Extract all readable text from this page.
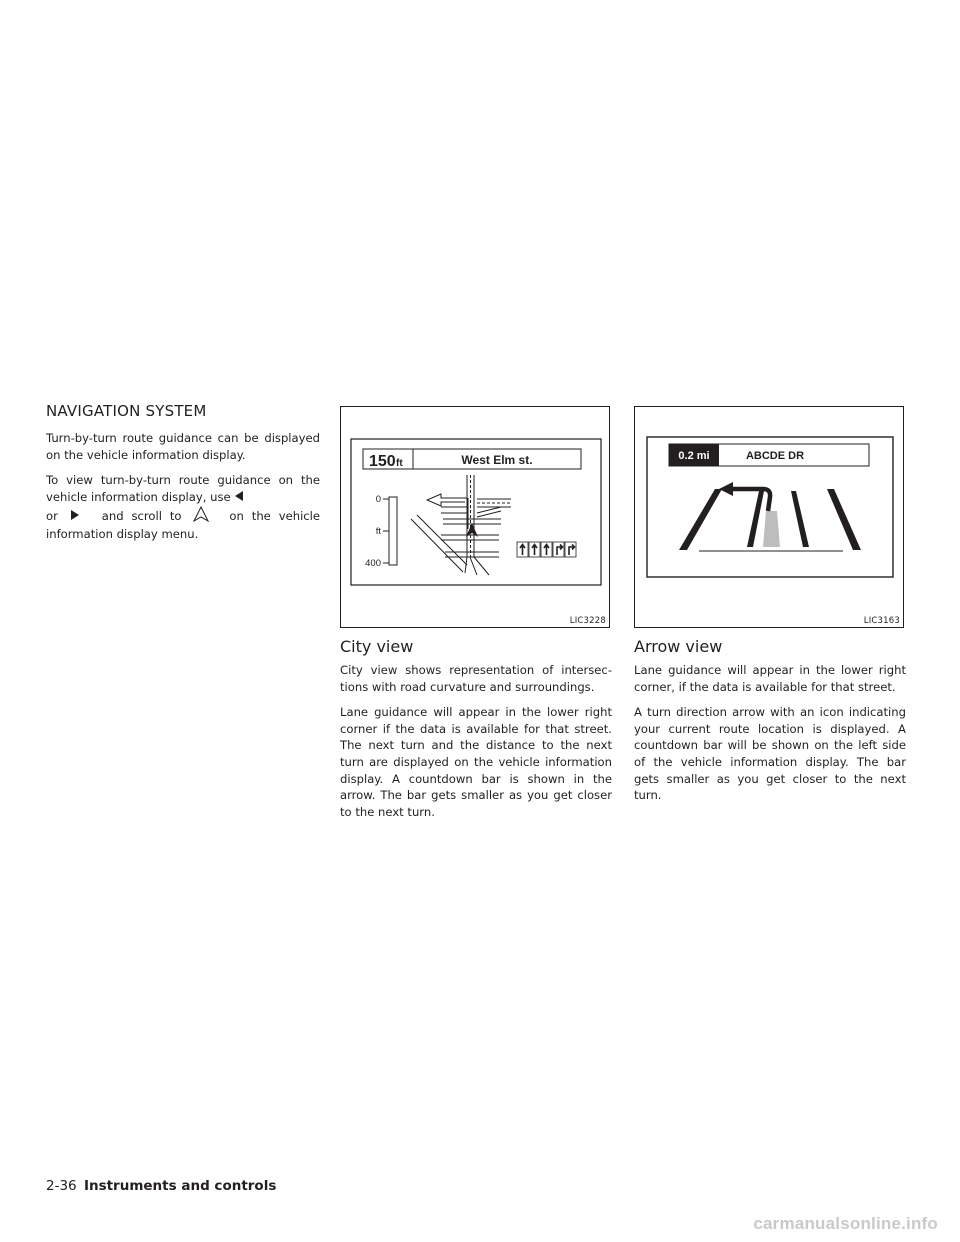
NAVIGATION SYSTEM

Turn-by-turn route guidance can be displayed on the vehicle information display.

To view turn-by-turn route guidance on the vehicle information display, use
or	and scroll to	on the vehicle information display menu.

150 ft	West Elm st.
0
ft
400
LIC3228
City view

City view shows representation of intersections with road curvature and surroundings.

Lane guidance will appear in the lower right corner if the data is available for that street. The next turn and the distance to the next turn are displayed on the vehicle information display. A countdown bar is shown in the arrow. The bar gets smaller as you get closer to the next turn.

0.2 mi	ABCDE DR
LIC3163
Arrow view

Lane guidance will appear in the lower right corner, if the data is available for that street.

A turn direction arrow with an icon indicating your current route location is displayed. A countdown bar will be shown on the left side of the vehicle information display. The bar gets smaller as you get closer to the next turn.

2-36 Instruments and controls
carmanualsonline.info
